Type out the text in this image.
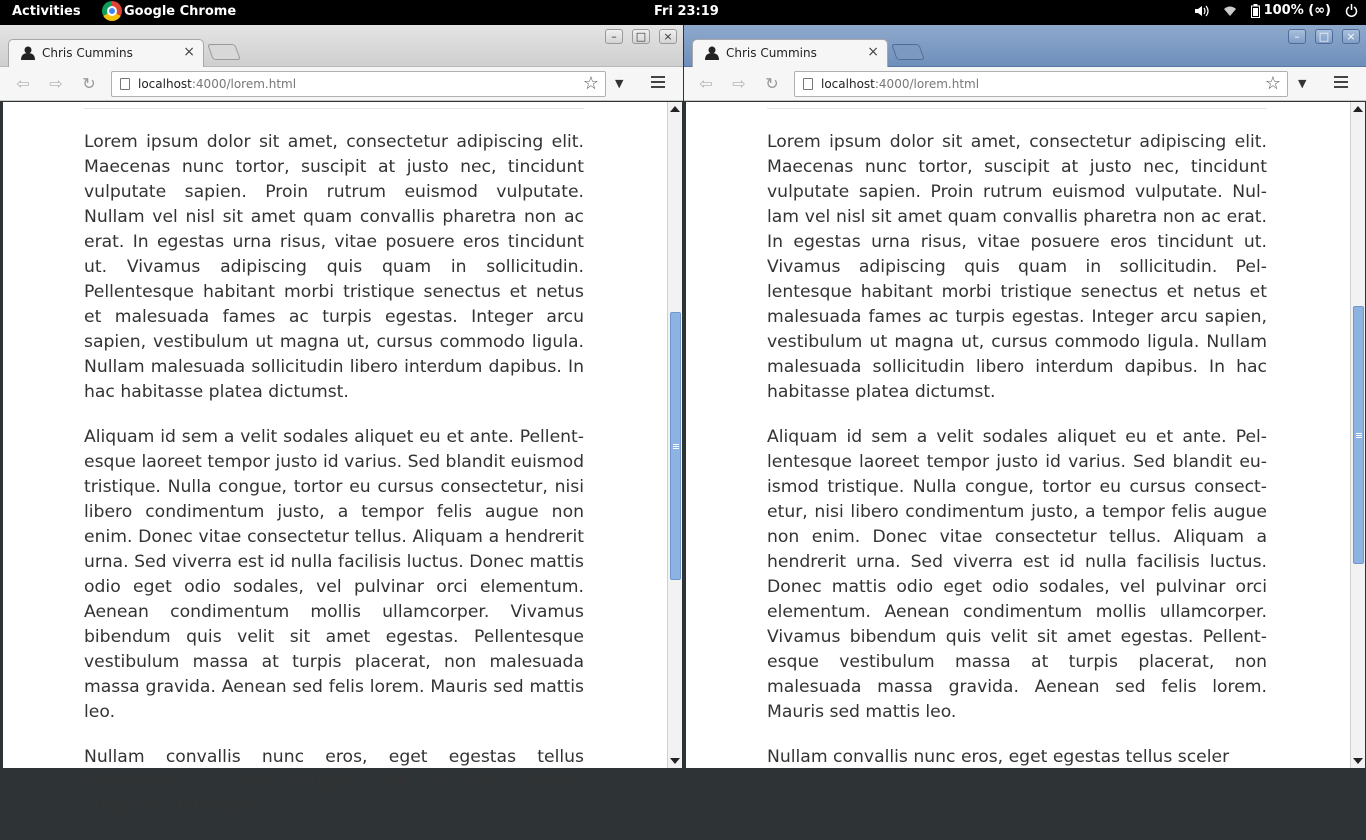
Activities	Google Chrome	Fri 23:19	100% (∞)
Chris Cummins	×
–	□	×
⇦ ⇨ ↻	localhost:4000/lorem.html	☆ ▼

Lorem ipsum dolor sit amet, consectetur adipiscing elit. Maecenas nunc tortor, suscipit at justo nec, tincidunt vulputate sapien. Proin rutrum euismod vulputate. Nullam vel nisl sit amet quam convallis pharetra non ac erat. In egestas urna risus, vitae posuere eros tincidunt ut. Vivamus adipiscing quis quam in sollicitudin. Pellentesque habitant morbi tristique senectus et netus et malesuada fames ac turpis egestas. Integer arcu sapien, vestibulum ut magna ut, cursus commodo ligula. Nullam malesuada sollicitudin libero interdum dapibus. In hac habitasse platea dictumst.

Aliquam id sem a velit sodales aliquet eu et ante. Pellentesque laoreet tempor justo id varius. Sed blandit euismod tristique. Nulla congue, tortor eu cursus consectetur, nisi libero condimentum justo, a tempor felis augue non enim. Donec vitae consectetur tellus. Aliquam a hendrerit urna. Sed viverra est id nulla facilisis luctus. Donec mattis odio eget odio sodales, vel pulvinar orci elementum. Aenean condimentum mollis ullamcorper. Vivamus bibendum quis velit sit amet egestas. Pellentesque vestibulum massa at turpis placerat, non malesuada massa gravida. Aenean sed felis lorem. Mauris sed mattis leo.

Nullam convallis nunc eros, eget egestas tellus scelerisque id. Cras feugiat velit ac urna tempor vulputate. Interdum et

Chris Cummins	×
–	□	×
⇦ ⇨ ↻	localhost:4000/lorem.html	☆ ▼

Lorem ipsum dolor sit amet, consectetur adipiscing elit. Maecenas nunc tortor, suscipit at justo nec, tincidunt vulputate sapien. Proin rutrum euismod vulputate. Nullam vel nisl sit amet quam convallis pharetra non ac erat. In egestas urna risus, vitae posuere eros tincidunt ut. Vivamus adipiscing quis quam in sollicitudin. Pellentesque habitant morbi tristique senectus et netus et malesuada fames ac turpis egestas. Integer arcu sapien, vestibulum ut magna ut, cursus commodo ligula. Nullam malesuada sollicitudin libero interdum dapibus. In hac habitasse platea dictumst.

Aliquam id sem a velit sodales aliquet eu et ante. Pellentesque laoreet tempor justo id varius. Sed blandit euismod tristique. Nulla congue, tortor eu cursus consectetur, nisi libero condimentum justo, a tempor felis augue non enim. Donec vitae consectetur tellus. Aliquam a hendrerit urna. Sed viverra est id nulla facilisis luctus. Donec mattis odio eget odio sodales, vel pulvinar orci elementum. Aenean condimentum mollis ullamcorper. Vivamus bibendum quis velit sit amet egestas. Pellentesque vestibulum massa at turpis placerat, non malesuada massa gravida. Aenean sed felis lorem. Mauris sed mattis leo.

Nullam convallis nunc eros, eget egestas tellus sceler
